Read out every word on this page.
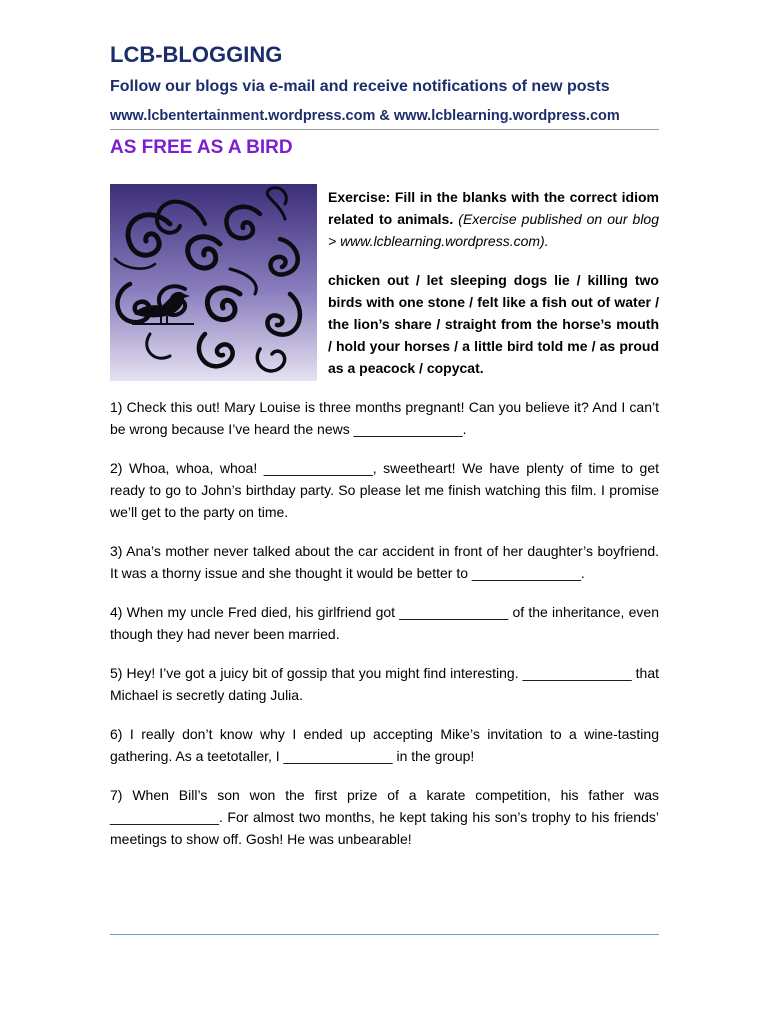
LCB-BLOGGING
Follow our blogs via e-mail and receive notifications of new posts
www.lcbentertainment.wordpress.com & www.lcblearning.wordpress.com
AS FREE AS A BIRD
Exercise: Fill in the blanks with the correct idiom related to animals. (Exercise published on our blog > www.lcblearning.wordpress.com).
chicken out / let sleeping dogs lie / killing two birds with one stone / felt like a fish out of water / the lion’s share / straight from the horse’s mouth / hold your horses / a little bird told me / as proud as a peacock / copycat.

1) Check this out! Mary Louise is three months pregnant! Can you believe it? And I can’t be wrong because I’ve heard the news ______________.

2) Whoa, whoa, whoa! ______________, sweetheart! We have plenty of time to get ready to go to John’s birthday party. So please let me finish watching this film. I promise we’ll get to the party on time.

3) Ana’s mother never talked about the car accident in front of her daughter’s boyfriend. It was a thorny issue and she thought it would be better to ______________.

4) When my uncle Fred died, his girlfriend got ______________ of the inheritance, even though they had never been married.

5) Hey! I’ve got a juicy bit of gossip that you might find interesting. ______________ that Michael is secretly dating Julia.

6) I really don’t know why I ended up accepting Mike’s invitation to a wine-tasting gathering. As a teetotaller, I ______________ in the group!

7) When Bill’s son won the first prize of a karate competition, his father was ______________. For almost two months, he kept taking his son’s trophy to his friends’ meetings to show off. Gosh! He was unbearable!
